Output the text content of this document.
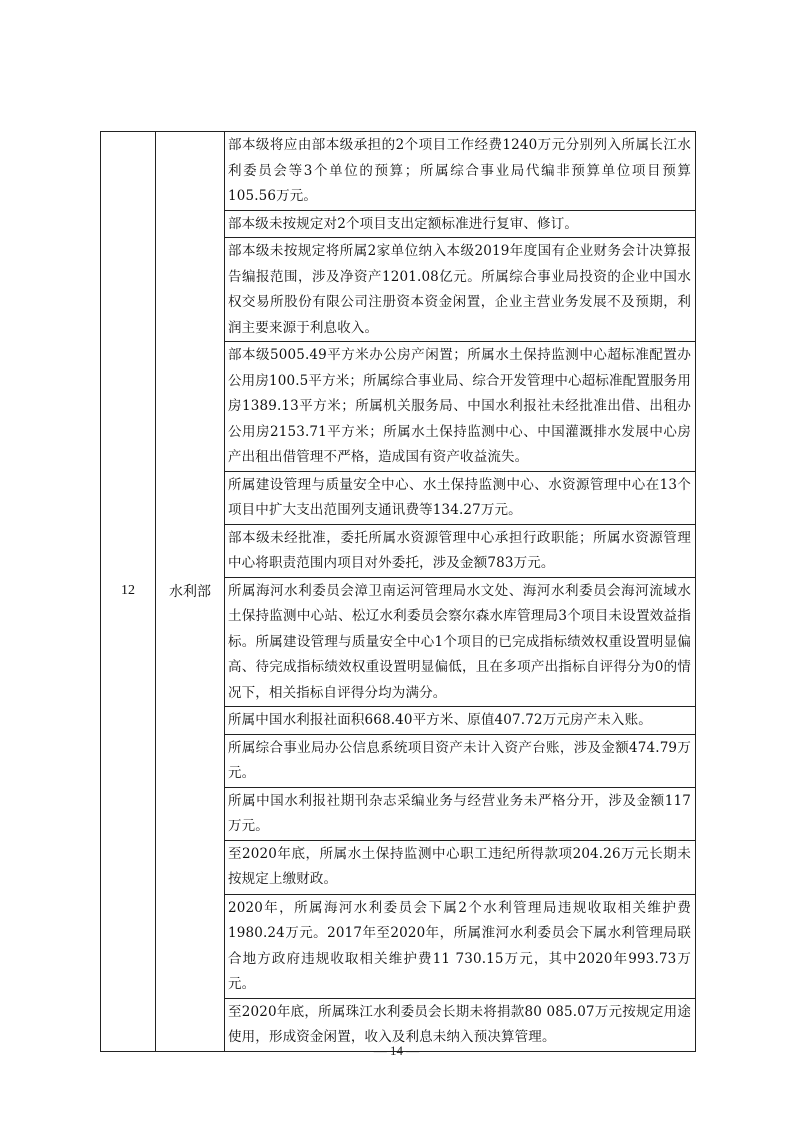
12	水利部	部本级将应由部本级承担的2个项目工作经费1240万元分别列入所属长江水利委员会等3个单位的预算；所属综合事业局代编非预算单位项目预算105.56万元。
部本级未按规定对2个项目支出定额标准进行复审、修订。
部本级未按规定将所属2家单位纳入本级2019年度国有企业财务会计决算报告编报范围，涉及净资产1201.08亿元。所属综合事业局投资的企业中国水权交易所股份有限公司注册资本资金闲置，企业主营业务发展不及预期，利润主要来源于利息收入。
部本级5005.49平方米办公房产闲置；所属水土保持监测中心超标准配置办公用房100.5平方米；所属综合事业局、综合开发管理中心超标准配置服务用房1389.13平方米；所属机关服务局、中国水利报社未经批准出借、出租办公用房2153.71平方米；所属水土保持监测中心、中国灌溉排水发展中心房产出租出借管理不严格，造成国有资产收益流失。
所属建设管理与质量安全中心、水土保持监测中心、水资源管理中心在13个项目中扩大支出范围列支通讯费等134.27万元。
部本级未经批准，委托所属水资源管理中心承担行政职能；所属水资源管理中心将职责范围内项目对外委托，涉及金额783万元。
所属海河水利委员会漳卫南运河管理局水文处、海河水利委员会海河流域水土保持监测中心站、松辽水利委员会察尔森水库管理局3个项目未设置效益指标。所属建设管理与质量安全中心1个项目的已完成指标绩效权重设置明显偏高、待完成指标绩效权重设置明显偏低，且在多项产出指标自评得分为0的情况下，相关指标自评得分均为满分。
所属中国水利报社面积668.40平方米、原值407.72万元房产未入账。
所属综合事业局办公信息系统项目资产未计入资产台账，涉及金额474.79万元。
所属中国水利报社期刊杂志采编业务与经营业务未严格分开，涉及金额117万元。
至2020年底，所属水土保持监测中心职工违纪所得款项204.26万元长期未按规定上缴财政。
2020年，所属海河水利委员会下属2个水利管理局违规收取相关维护费1980.24万元。2017年至2020年，所属淮河水利委员会下属水利管理局联合地方政府违规收取相关维护费11 730.15万元，其中2020年993.73万元。
至2020年底，所属珠江水利委员会长期未将捐款80 085.07万元按规定用途使用，形成资金闲置，收入及利息未纳入预决算管理。
— 14 —
